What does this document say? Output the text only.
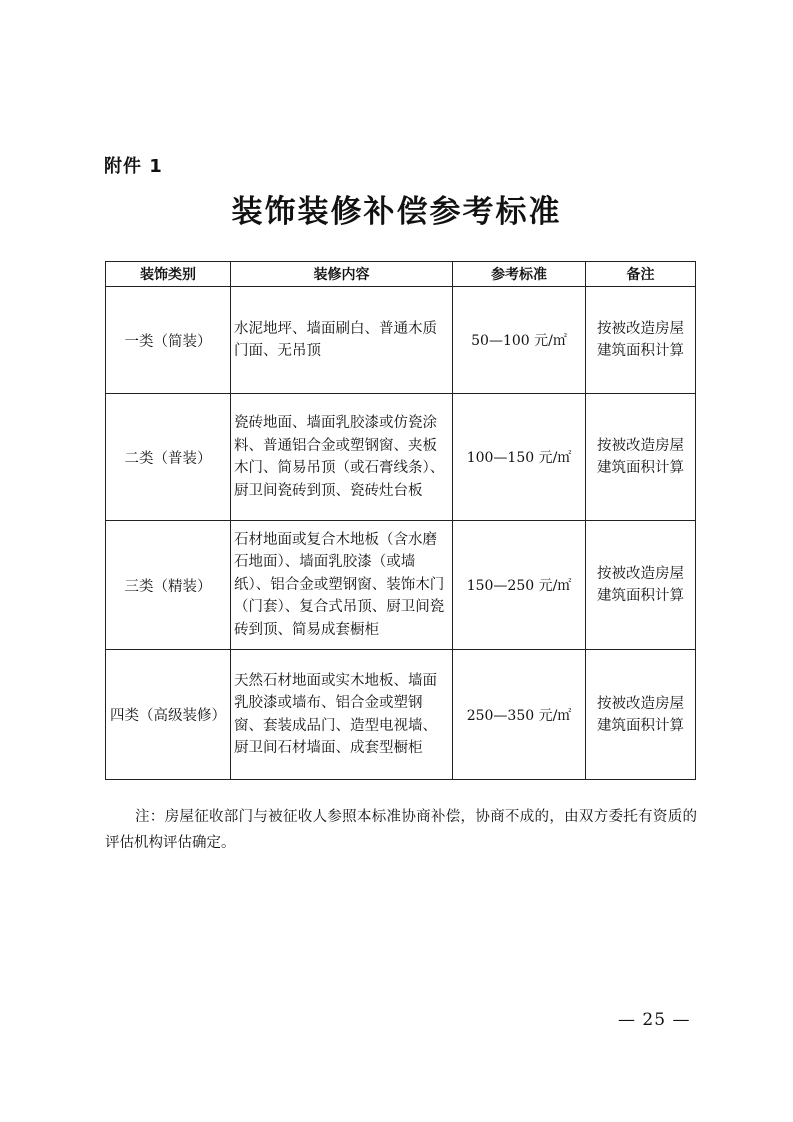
附件 1
装饰装修补偿参考标准
装饰类别	装修内容	参考标准	备注
一类（简装）	水泥地坪、墙面刷白、普通木质门面、无吊顶	50—100 元/㎡	按被改造房屋建筑面积计算
二类（普装）	瓷砖地面、墙面乳胶漆或仿瓷涂料、普通铝合金或塑钢窗、夹板木门、简易吊顶（或石膏线条）、厨卫间瓷砖到顶、瓷砖灶台板	100—150 元/㎡	按被改造房屋建筑面积计算
三类（精装）	石材地面或复合木地板（含水磨石地面）、墙面乳胶漆（或墙纸）、铝合金或塑钢窗、装饰木门（门套）、复合式吊顶、厨卫间瓷砖到顶、简易成套橱柜	150—250 元/㎡	按被改造房屋建筑面积计算
四类（高级装修）	天然石材地面或实木地板、墙面乳胶漆或墙布、铝合金或塑钢窗、套装成品门、造型电视墙、厨卫间石材墙面、成套型橱柜	250—350 元/㎡	按被改造房屋建筑面积计算
注：房屋征收部门与被征收人参照本标准协商补偿，协商不成的，由双方委托有资质的评估机构评估确定。
— 25 —
